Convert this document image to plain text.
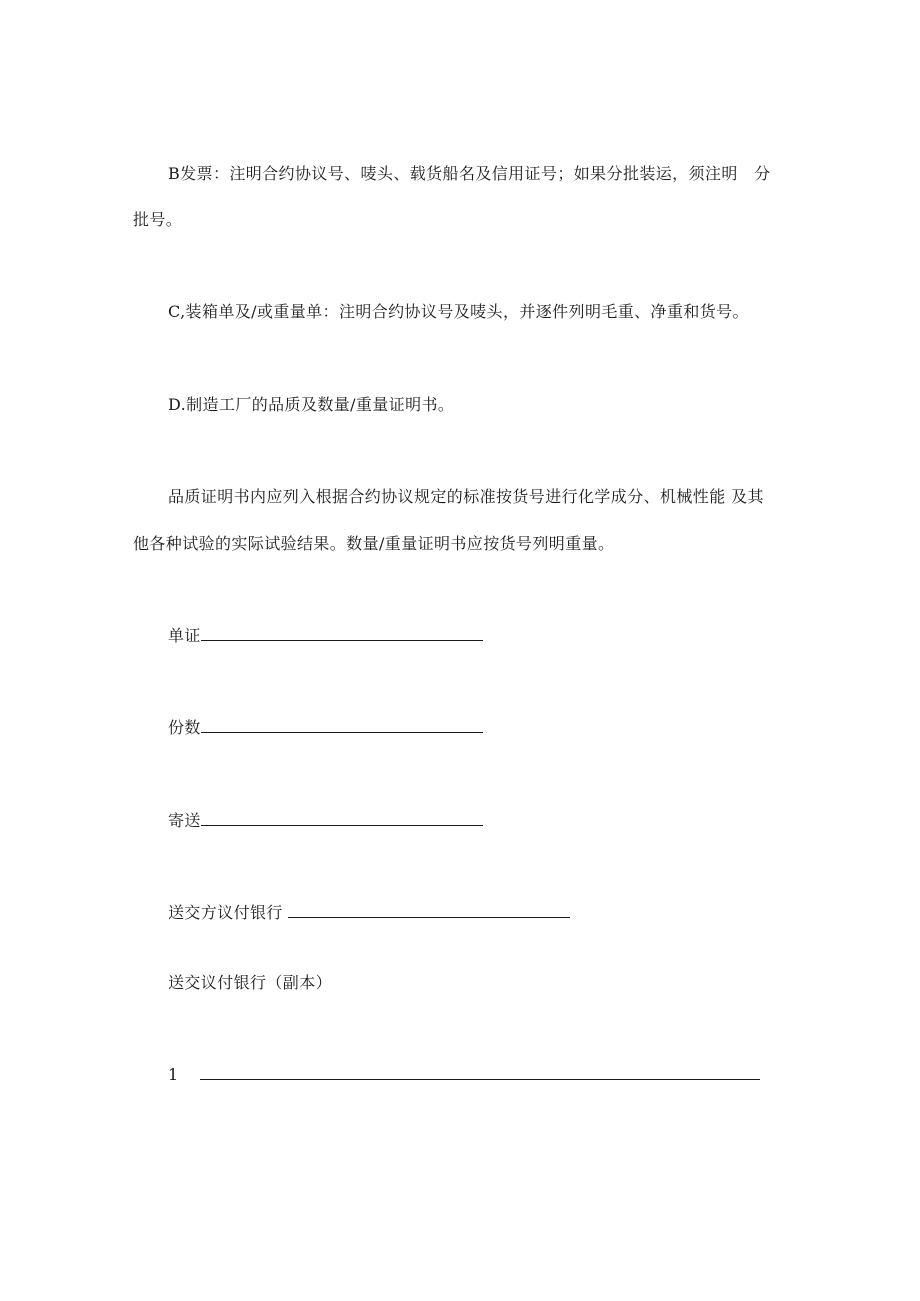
B发票：注明合约协议号、唛头、载货船名及信用证号；如果分批装运，须注明　分
批号。
C,装箱单及/或重量单：注明合约协议号及唛头，并逐件列明毛重、净重和货号。
D.制造工厂的品质及数量/重量证明书。
品质证明书内应列入根据合约协议规定的标准按货号进行化学成分、机械性能 及其
他各种试验的实际试验结果。数量/重量证明书应按货号列明重量。
单证
份数
寄送
送交方议付银行
送交议付银行（副本）
1
